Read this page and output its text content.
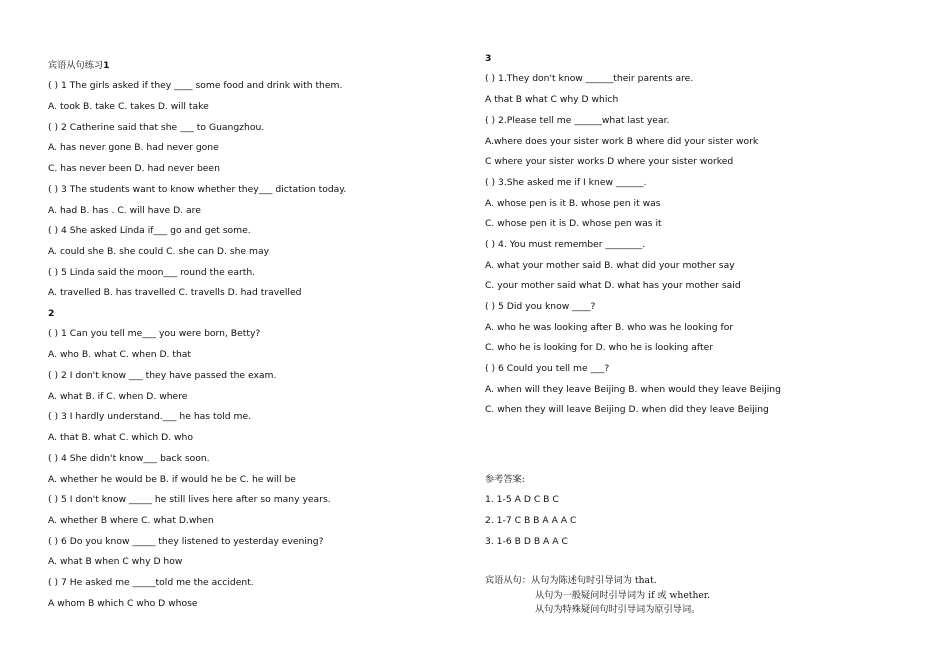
宾语从句练习1
( ) 1 The girls asked if they ____ some food and drink with them.
A. took B. take C. takes D. will take
( ) 2 Catherine said that she ___ to Guangzhou.
A. has never gone B. had never gone
C. has never been D. had never been
( ) 3 The students want to know whether they___ dictation today.
A. had B. has . C. will have D. are
( ) 4 She asked Linda if___ go and get some.
A. could she B. she could C. she can D. she may
( ) 5 Linda said the moon___ round the earth.
A. travelled B. has travelled C. travells D. had travelled
2
( ) 1 Can you tell me___ you were born, Betty?
A. who B. what C. when D. that
( ) 2 I don't know ___ they have passed the exam.
A. what B. if C. when D. where
( ) 3 I hardly understand.___ he has told me.
A. that B. what C. which D. who
( ) 4 She didn't know___ back soon.
A. whether he would be B. if would he be C. he will be
( ) 5 I don't know _____ he still lives here after so many years.
A. whether B where C. what D.when
( ) 6 Do you know _____ they listened to yesterday evening?
A. what B when C why D how
( ) 7 He asked me _____told me the accident.
A whom B which C who D whose
3
( ) 1.They don't know ______their parents are.
A that B what C why D which
( ) 2.Please tell me ______what last year.
A.where does your sister work B where did your sister work
C where your sister works D where your sister worked
( ) 3.She asked me if I knew ______.
A. whose pen is it B. whose pen it was
C. whose pen it is D. whose pen was it
( ) 4. You must remember ________.
A. what your mother said B. what did your mother say
C. your mother said what D. what has your mother said
( ) 5 Did you know ____?
A. who he was looking after B. who was he looking for
C. who he is looking for D. who he is looking after
( ) 6 Could you tell me ___?
A. when will they leave Beijing B. when would they leave Beijing
C. when they will leave Beijing D. when did they leave Beijing
参考答案:
1. 1-5 A D C B C
2. 1-7 C B B A A A C
3. 1-6 B D B A A C
宾语从句：从句为陈述句时引导词为 that.
从句为一般疑问时引导词为 if 或 whether.
从句为特殊疑问句时引导词为原引导词。
